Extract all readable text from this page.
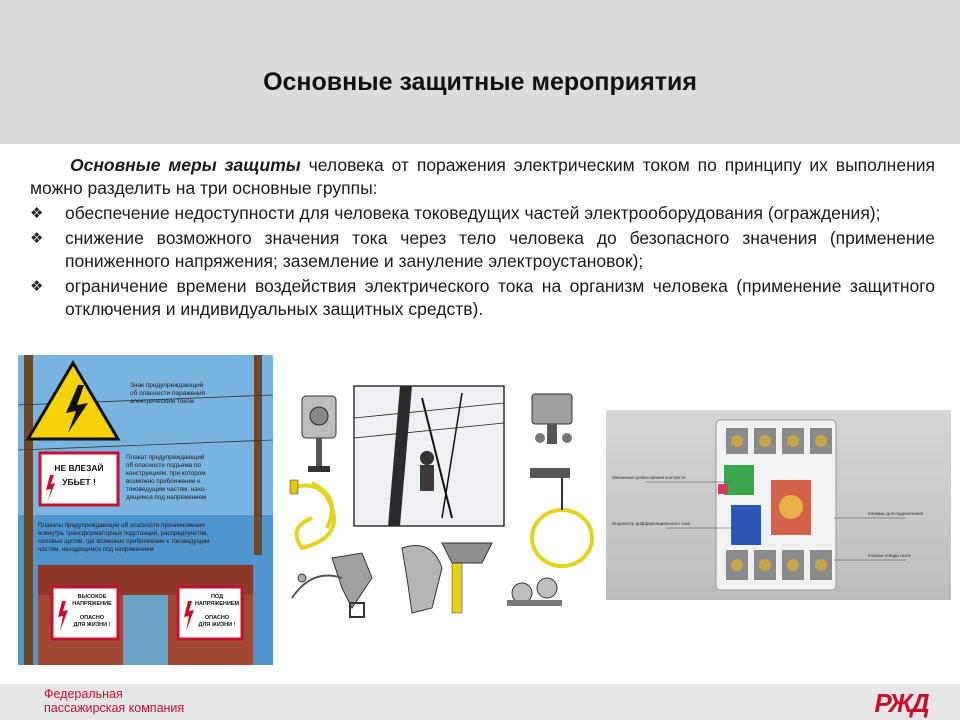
Основные защитные мероприятия

Основные меры защиты человека от поражения электрическим током по принципу их выполнения можно разделить на три основные группы:

❖ обеспечение недоступности для человека токоведущих частей электрооборудования (ограждения);
❖ снижение возможного значения тока через тело человека до безопасного значения (применение пониженного напряжения; заземление и зануление электроустановок);
❖ ограничение времени воздействия электрического тока на организм человека (применение защитного отключения и индивидуальных защитных средств).
Знак предупреждающий об опасности поражения электрическим током
НЕ ВЛЕЗАЙ УБЬЕТ !
Плакат предупреждающий об опасности подъема по конструкциям, при котором возможно приближение к токоведущим частям, нахо-дящимся под напряжением
Плакаты предупреждающие об опасности проникновения вовнутрь трансформаторных подстанций, распредпунктов, силовых щитов, где возможно приближение к токоведущим частям, находящимся под напряжением
ВЫСОКОЕ НАПРЯЖЕНИЕ ОПАСНО ДЛЯ ЖИЗНИ !
ПОД НАПРЯЖЕНИЕМ ОПАСНО ДЛЯ ЖИЗНИ !
Механизм срабатывания контактов
Индикатор дифференциального тока
Клеммы для подключения
Клапан отвода газов
Федеральная
пассажирская компания	РЖД
